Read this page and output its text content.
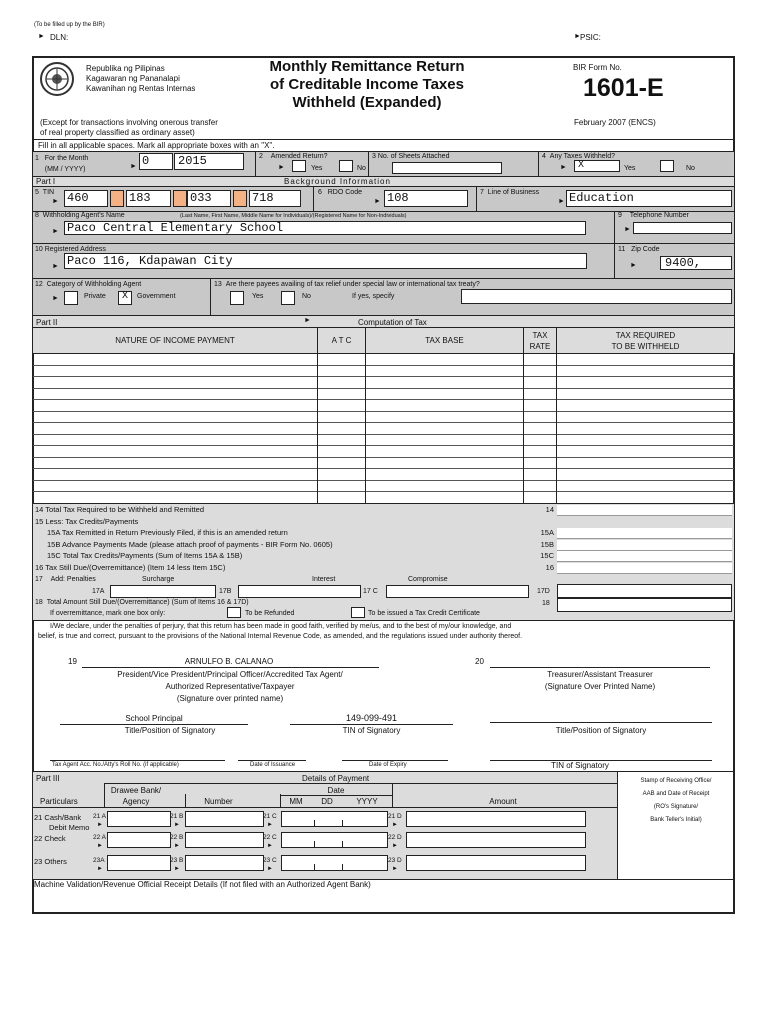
(To be filled up by the BIR)
► DLN:	► PSIC:
Republika ng Pilipinas
Kagawaran ng Pananalapi
Kawanihan ng Rentas Internas
Monthly Remittance Return
of Creditable Income Taxes
Withheld (Expanded)
BIR Form No.
1601-E
February 2007 (ENCS)
(Except for transactions involving onerous transfer
of real property classified as ordinary asset)
Fill in all applicable spaces. Mark all appropriate boxes with an "X".
1 For the Month
(MM / YYYY)	► 0 2015	2 Amended Return?
►	Yes	No
3 No. of Sheets Attached	4 Any Taxes Withheld?
► X	Yes	No
Part I	Background Information
5 TIN
► 460	183	033	718	6 RDO Code
► 108	7 Line of Business
► Education
8 Withholding Agent's Name	(Last Name, First Name, Middle Name for Individuals)/(Registered Name for Non-Individuals)
► Paco Central Elementary School
9 Telephone Number
►
10 Registered Address
► Paco 116, Kdapawan City
11 Zip Code
► 9400,
12 Category of Withholding Agent
►	Private	X	Government
13 Are there payees availing of tax relief under special law or international tax treaty?
Yes	No	If yes, specify
Part II	►	Computation of Tax
NATURE OF INCOME PAYMENT	A T C	TAX BASE
TAX
RATE
TAX REQUIRED
TO BE WITHHELD
14 Total Tax Required to be Withheld and Remitted	14
15 Less: Tax Credits/Payments
15A Tax Remitted in Return Previously Filed, if this is an amended return	15A
15B Advance Payments Made (please attach proof of payments - BIR Form No. 0605)	15B
15C Total Tax Credits/Payments (Sum of Items 15A & 15B)	15C
16 Tax Still Due/(Overremittance) (Item 14 less Item 15C)	16
17 Add: Penalties	Surcharge	Interest	Compromise
17A	17B	17 C	17D
18 Total Amount Still Due/(Overremittance) (Sum of Items 16 & 17D)	18
If overremittance, mark one box only:	To be Refunded	To be issued a Tax Credit Certificate
I/We declare, under the penalties of perjury, that this return has been made in good faith, verified by me/us, and to the best of my/our knowledge, and
belief, is true and correct, pursuant to the provisions of the National Internal Revenue Code, as amended, and the regulations issued under authority thereof.
19	ARNULFO B. CALANAO
President/Vice President/Principal Officer/Accredited Tax Agent/
Authorized Representative/Taxpayer
(Signature over printed name)
20
Treasurer/Assistant Treasurer
(Signature Over Printed Name)
School Principal
Title/Position of Signatory
149-099-491
TIN of Signatory	Title/Position of Signatory
Tax Agent Acc. No./Atty's Roll No. (if applicable)	Date of Issuance	Date of Expiry	TIN of Signatory
Part III	Details of Payment	Stamp of Receiving Office/
AAB and Date of Receipt
(RO's Signature/
Bank Teller's Initial)
Particulars
Drawee Bank/
Agency	Number
Date
MM	DD	YYYY	Amount
21 Cash/Bank
Debit Memo
21 A
►
21 B
►
21 C
►
21 D
►
22 Check	22 A
►
22 B
►
22 C
►
22 D
►
23 Others	23A
►
23 B
►
23 C
►
23 D
►
Machine Validation/Revenue Official Receipt Details (If not filed with an Authorized Agent Bank)
